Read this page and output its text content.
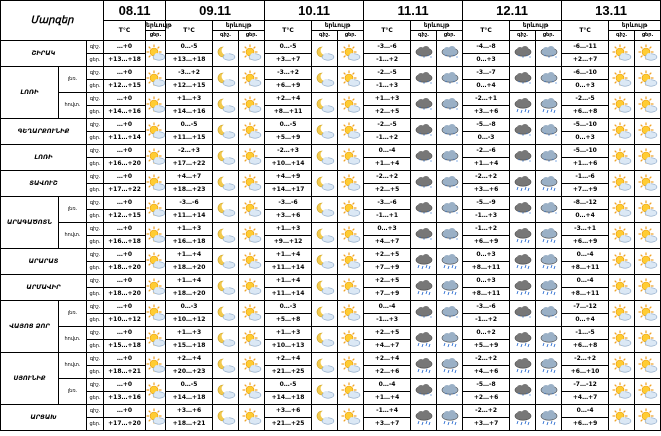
Մարզեր			08.11		09.11			10.11			11.11			12.11			13.11		
			T°C	երևույթ	T°C	երևույթ		T°C	երևույթ		T°C	երևույթ		T°C	երևույթ		T°C	երևույթ	
				ցեր.		գիշ.	ցեր.		գիշ.	ցեր.		գիշ.	ցեր.		գիշ.	ցեր.		գիշ.	ցեր.
ՇԻՐԱԿ		գիշ.	…+0		0…-5			0…-5			-3…-6	* * * *	* * * *	-4…-8	* * * *	* * * *	-6…-11	

		ցեր.	+13…+18		+13…+18			+3…+7			-1…+2			0…+3			+2…+7		
ԼՈՌԻ	լեռ.	գիշ.	…+0		-3…+2			-3…+2			-2…-5	* * * *	* * * *	-3…-7	* * * *	* * * *	-6…-10	

		ցեր.	+12…+15		+12…+15			+6…+9			-1…+3			0…+4			0…+3		
	հովտ.	գիշ.	…+0		+1…+3			+2…+4			+1…+3	* * * *	* * * *	-2…+1			-2…-5	

		ցեր.	+14…+16		+14…+16			+8…+11			+2…+5			+3…+6			+6…+8		
ԳԵՂԱՐՔՈՒՆԻՔ		գիշ.	…+0		0…-5			0…-5			-2…-5	* * * *	* * * *	-5…-8	* * * *	* * * *	-5…-10	

		ցեր.	+11…+14		+11…+15			+5…+9			-1…+2			0…-3			0…+3		
ԼՈՌԻ		գիշ.	…+0		-2…+3			-2…+3			0…-4	* * * *	* * * *	-2…-6	* * * *	* * * *	-5…-10	

		ցեր.	+16…+20		+17…+22			+10…+14			+1…+4			+1…+4			+1…+6		
ՏԱՎՈՒՇ		գիշ.	…+0		+4…+7			+4…+9			-2…+2	* * * *	* * * *	-2…+2			-1…-6	

		ցեր.	+17…+22		+18…+23			+14…+17			+2…+5			+3…+6			+7…+9		
ԱՐԱԳԱԾՈՏՆ	լեռ.	գիշ.	…+0		-3…-6			-3…-6			-3…-6	* * * *	* * * *	-5…-9	* * * *	* * * *	-8…-12	

		ցեր.	+12…+15		+11…+14			+3…+6			-1…+1			-1…+3			0…+4		
	հովտ.	գիշ.	…+0		+1…+3			+1…+3			0…+3	* * * *	* * * *	-1…+2			-3…+1	

		ցեր.	+16…+18		+16…+18			+9…+12			+4…+7			+6…+9			+6…+9		
ԱՐԱՐԱՏ		գիշ.	…+0		+1…+4			+1…+4			+2…+5			0…+3			0…-4	

		ցեր.	+18…+20		+18…+20			+11…+14			+7…+9			+8…+11			+8…+11		
ԱՐՄԱՎԻՐ		գիշ.	…+0		+1…+4			+1…+4			+2…+5			0…+3			0…-4	

		ցեր.	+18…+20		+18…+20			+11…+14			+7…+9			+8…+11			+8…+11		
ՎԱՅՈՑ ՁՈՐ	լեռ.	գիշ.	…+0		0…-3			0…-3			0…-4	* * * *	* * * *	-3…-6	* * * *	* * * *	-7…-12	

		ցեր.	+10…+12		+10…+12			+5…+8			-1…+3			-1…+2			0…+4		
	հովտ.	գիշ.	…+0		+1…+3			+1…+3			+2…+5			0…+2			-1…-5	

		ցեր.	+15…+18		+15…+18			+10…+13			+4…+7			+5…+9			+6…+8		
ՍՅՈՒՆԻՔ	հովտ.	գիշ.	…+0		+2…+4			+2…+4			+2…+4			-2…+2			-2…+2	

		ցեր.	+18…+21		+20…+23			+21…+25			+2…+6			+4…+6			+6…+10		
	լեռ.	գիշ.	…+0		0…-5			0…-5			0…-4	* * * *	* * * *	-5…-8	* * * *	* * * *	-7…-12	

		ցեր.	+13…+16		+14…+18			+14…+18			+1…+4			+2…+6			+4…+7		
ԱՐՑԱԽ		գիշ.	…+0		+3…+6			+3…+6			-1…+4			-2…+2			0…-4	

		ցեր.	+17…+20		+18…+21			+21…+25			+3…+7			+3…+7			+6…+9		
